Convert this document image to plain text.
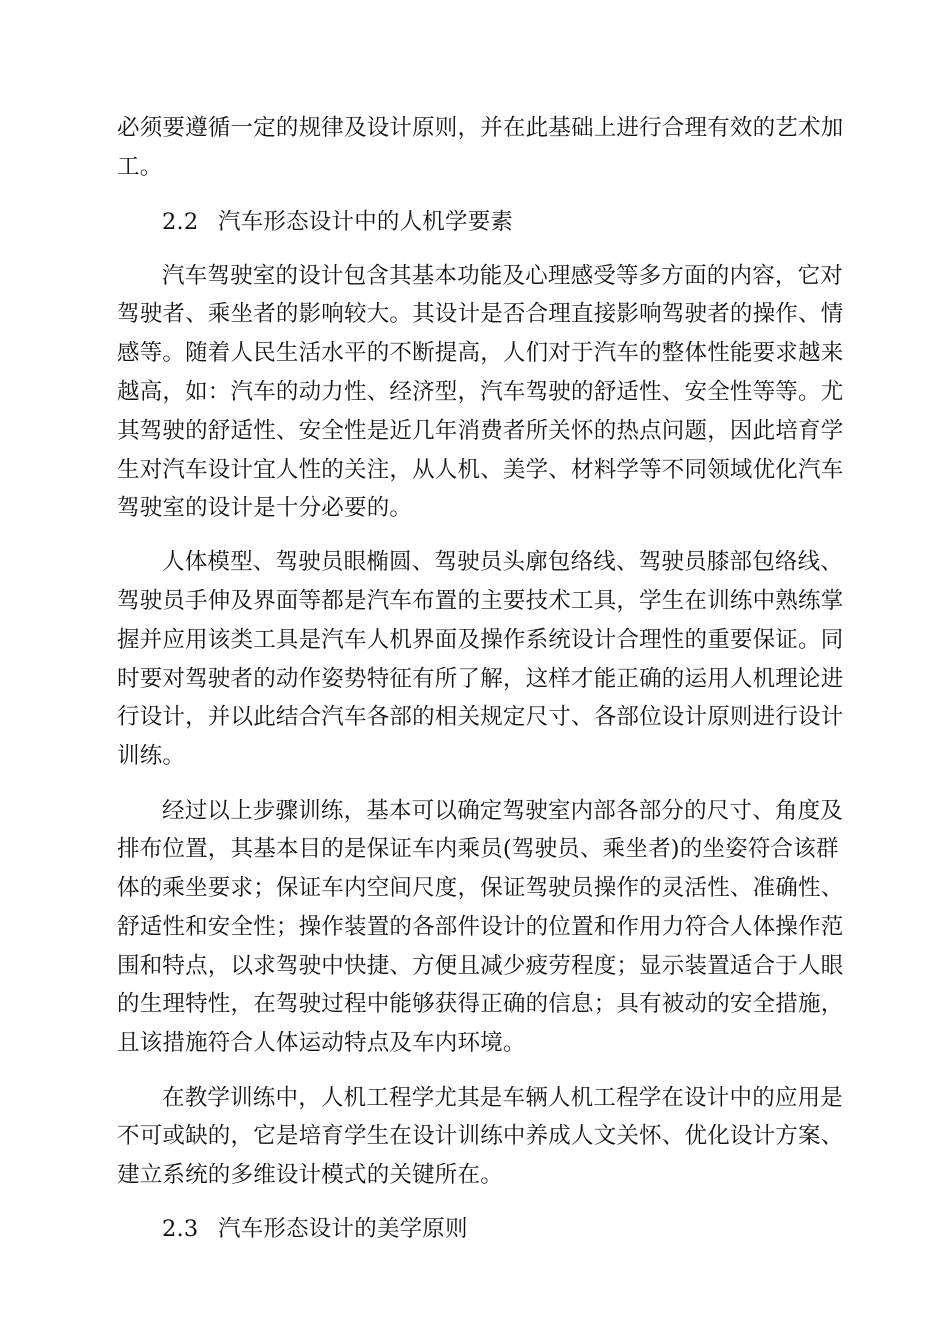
必须要遵循一定的规律及设计原则，并在此基础上进行合理有效的艺术加
工。
2.2 汽车形态设计中的人机学要素
汽车驾驶室的设计包含其基本功能及心理感受等多方面的内容，它对
驾驶者、乘坐者的影响较大。其设计是否合理直接影响驾驶者的操作、情
感等。随着人民生活水平的不断提高，人们对于汽车的整体性能要求越来
越高，如：汽车的动力性、经济型，汽车驾驶的舒适性、安全性等等。尤
其驾驶的舒适性、安全性是近几年消费者所关怀的热点问题，因此培育学
生对汽车设计宜人性的关注，从人机、美学、材料学等不同领域优化汽车
驾驶室的设计是十分必要的。
人体模型、驾驶员眼椭圆、驾驶员头廓包络线、驾驶员膝部包络线、
驾驶员手伸及界面等都是汽车布置的主要技术工具，学生在训练中熟练掌
握并应用该类工具是汽车人机界面及操作系统设计合理性的重要保证。同
时要对驾驶者的动作姿势特征有所了解，这样才能正确的运用人机理论进
行设计，并以此结合汽车各部的相关规定尺寸、各部位设计原则进行设计
训练。
经过以上步骤训练，基本可以确定驾驶室内部各部分的尺寸、角度及
排布位置，其基本目的是保证车内乘员(驾驶员、乘坐者)的坐姿符合该群
体的乘坐要求；保证车内空间尺度，保证驾驶员操作的灵活性、准确性、
舒适性和安全性；操作装置的各部件设计的位置和作用力符合人体操作范
围和特点，以求驾驶中快捷、方便且减少疲劳程度；显示装置适合于人眼
的生理特性，在驾驶过程中能够获得正确的信息；具有被动的安全措施，
且该措施符合人体运动特点及车内环境。
在教学训练中，人机工程学尤其是车辆人机工程学在设计中的应用是
不可或缺的，它是培育学生在设计训练中养成人文关怀、优化设计方案、
建立系统的多维设计模式的关键所在。
2.3 汽车形态设计的美学原则
